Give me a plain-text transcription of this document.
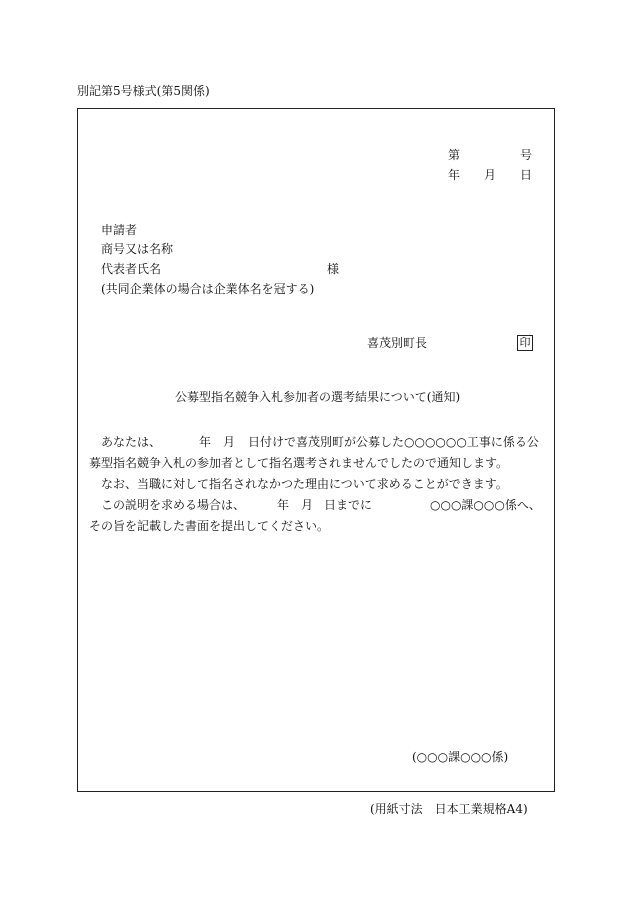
別記第5号様式(第5関係)
第	号
年 月 日
申請者
商号又は名称
代表者氏名	様
(共同企業体の場合は企業体名を冠する)
喜茂別町長	印
公募型指名競争入札参加者の選考結果について(通知)
あなたは、	年 月 日付けで喜茂別町が公募した○○○○○○工事に係る公
募型指名競争入札の参加者として指名選考されませんでしたので通知します。
なお、当職に対して指名されなかつた理由について求めることができます。
この説明を求める場合は、	年 月 日までに	○○○課○○○係へ、
その旨を記載した書面を提出してください。
(○○○課○○○係)
(用紙寸法　日本工業規格A4)
